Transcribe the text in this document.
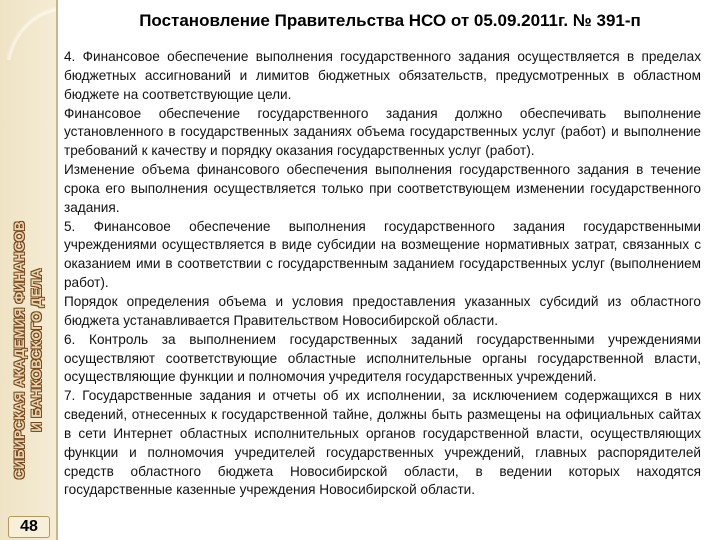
СИБИРСКАЯ АКАДЕМИЯ ФИНАНСОВ И БАНКОВСКОГО ДЕЛА
48
Постановление Правительства НСО от 05.09.2011г. № 391-п

4. Финансовое обеспечение выполнения государственного задания осуществляется в пределах бюджетных ассигнований и лимитов бюджетных обязательств, предусмотренных в областном бюджете на соответствующие цели.

Финансовое обеспечение государственного задания должно обеспечивать выполнение установленного в государственных заданиях объема государственных услуг (работ) и выполнение требований к качеству и порядку оказания государственных услуг (работ).

Изменение объема финансового обеспечения выполнения государственного задания в течение срока его выполнения осуществляется только при соответствующем изменении государственного задания.

5. Финансовое обеспечение выполнения государственного задания государственными учреждениями осуществляется в виде субсидии на возмещение нормативных затрат, связанных с оказанием ими в соответствии с государственным заданием государственных услуг (выполнением работ).

Порядок определения объема и условия предоставления указанных субсидий из областного бюджета устанавливается Правительством Новосибирской области.

6. Контроль за выполнением государственных заданий государственными учреждениями осуществляют соответствующие областные исполнительные органы государственной власти, осуществляющие функции и полномочия учредителя государственных учреждений.

7. Государственные задания и отчеты об их исполнении, за исключением содержащихся в них сведений, отнесенных к государственной тайне, должны быть размещены на официальных сайтах в сети Интернет областных исполнительных органов государственной власти, осуществляющих функции и полномочия учредителей государственных учреждений, главных распорядителей средств областного бюджета Новосибирской области, в ведении которых находятся государственные казенные учреждения Новосибирской области.
